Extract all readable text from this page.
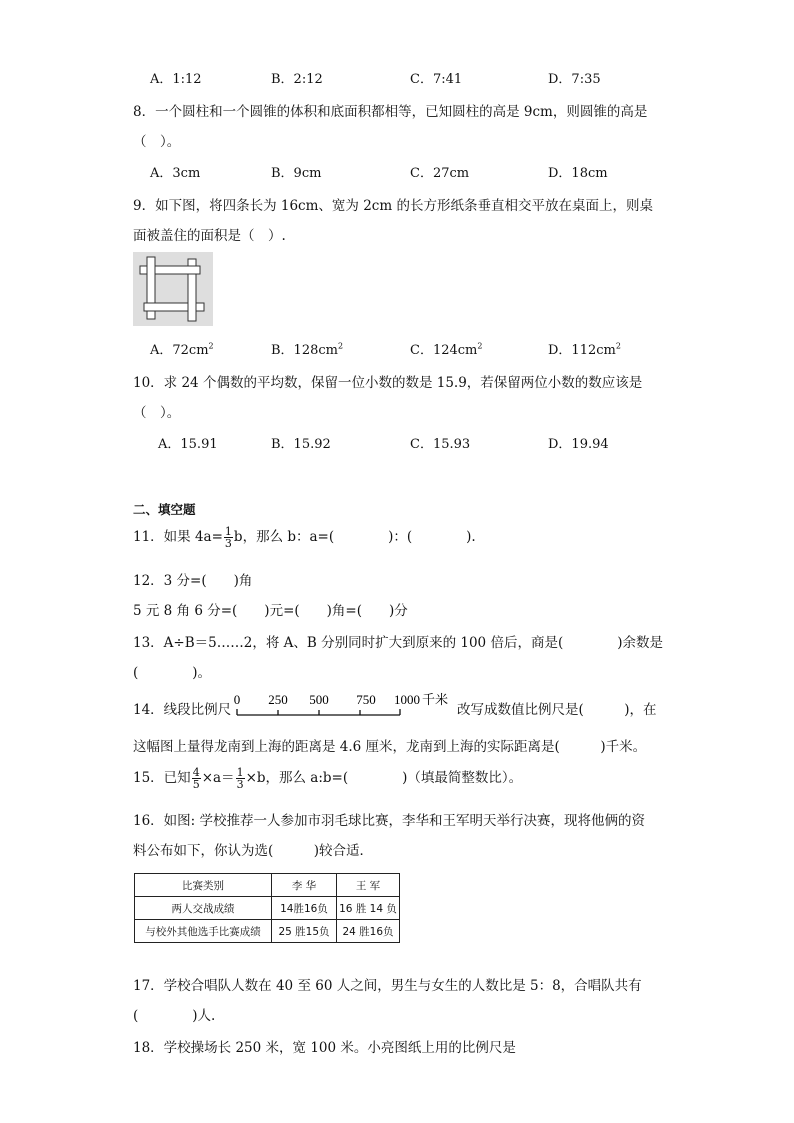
A．1:12	B．2:12	C．7:41	D．7:35
8．一个圆柱和一个圆锥的体积和底面积都相等，已知圆柱的高是 9cm，则圆锥的高是
（　）。
A．3cm	B．9cm	C．27cm	D．18cm
9．如下图，将四条长为 16cm、宽为 2cm 的长方形纸条垂直相交平放在桌面上，则桌
面被盖住的面积是（　）.
A．$72cm^2$	B．$128cm^2$	C．$124cm^2$	D．$112cm^2$
10．求 24 个偶数的平均数，保留一位小数的数是 15.9，若保留两位小数的数应该是
（　）。
A．15.91	B．15.92	C．15.93	D．19.94
二、填空题
11．如果 $4a= \frac{1}{3}$ b，那么 b：a=(　　　　)：(　　　　).
12．3 分=(　　)角
5 元 8 角 6 分=(　　)元=(　　)角=(　　)分
13．A÷B＝5……2，将 A、B 分别同时扩大到原来的 100 倍后，商是(　　　　)余数是
(　　　　)。
14．线段比例尺
0 250 500 750 1000 千米
改写成数值比例尺是(　　　)，在
这幅图上量得龙南到上海的距离是 4.6 厘米，龙南到上海的实际距离是(　　　)千米。
15．已知 $\frac{4}{5} \times a= \frac{1}{3} \times b$，那么 a:b=(　　　　)（填最简整数比）。
16．如图: 学校推荐一人参加市羽毛球比赛，李华和王军明天举行决赛，现将他俩的资
料公布如下，你认为选(　　　)较合适．
比赛类别	李 华	王 军
两人交战成绩	14胜16负	16 胜 14 负
与校外其他选手比赛成绩	25 胜15负	24 胜16负
17．学校合唱队人数在 40 至 60 人之间，男生与女生的人数比是 5：8，合唱队共有
(　　　　)人.
18．学校操场长 250 米，宽 100 米。小亮图纸上用的比例尺是
